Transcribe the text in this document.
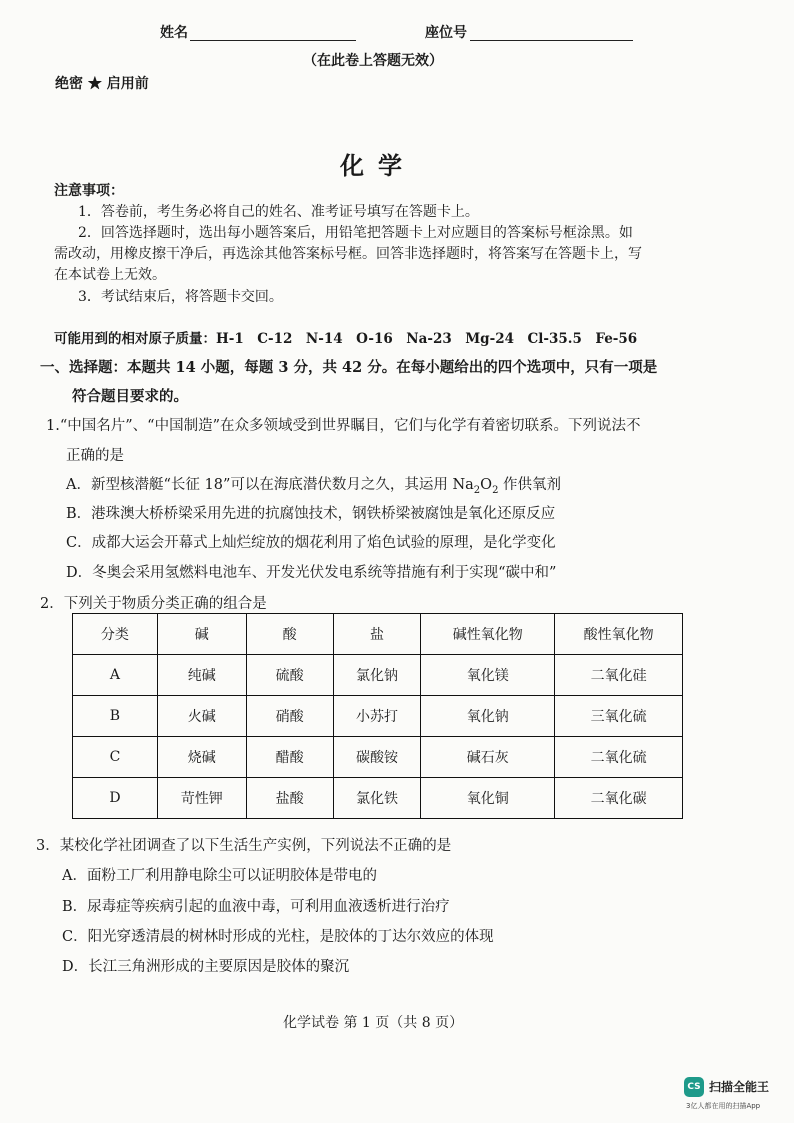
姓名	座位号
（在此卷上答题无效）
绝密 ★ 启用前
化学
注意事项：
1．答卷前，考生务必将自己的姓名、准考证号填写在答题卡上。
2．回答选择题时，选出每小题答案后，用铅笔把答题卡上对应题目的答案标号框涂黑。如
需改动，用橡皮擦干净后，再选涂其他答案标号框。回答非选择题时，将答案写在答题卡上，写
在本试卷上无效。
3．考试结束后，将答题卡交回。
可能用到的相对原子质量：H-1　C-12　N-14　O-16　Na-23　Mg-24　Cl-35.5　Fe-56
一、选择题：本题共 14 小题，每题 3 分，共 42 分。在每小题给出的四个选项中，只有一项是
符合题目要求的。
1.“中国名片”、“中国制造”在众多领域受到世界瞩目，它们与化学有着密切联系。下列说法不
正确的是
A．新型核潜艇“长征 18”可以在海底潜伏数月之久，其运用 $Na_2O_2$ 作供氧剂
B．港珠澳大桥桥梁采用先进的抗腐蚀技术，钢铁桥梁被腐蚀是氧化还原反应
C．成都大运会开幕式上灿烂绽放的烟花利用了焰色试验的原理，是化学变化
D．冬奥会采用氢燃料电池车、开发光伏发电系统等措施有利于实现“碳中和”
2．下列关于物质分类正确的组合是
分类	碱	酸	盐	碱性氧化物	酸性氧化物
A	纯碱	硫酸	氯化钠	氧化镁	二氧化硅
B	火碱	硝酸	小苏打	氧化钠	三氧化硫
C	烧碱	醋酸	碳酸铵	碱石灰	二氧化硫
D	苛性钾	盐酸	氯化铁	氧化铜	二氧化碳
3．某校化学社团调查了以下生活生产实例，下列说法不正确的是
A．面粉工厂利用静电除尘可以证明胶体是带电的
B．尿毒症等疾病引起的血液中毒，可利用血液透析进行治疗
C．阳光穿透清晨的树林时形成的光柱，是胶体的丁达尔效应的体现
D．长江三角洲形成的主要原因是胶体的聚沉
化学试卷 第 1 页（共 8 页）
CS 扫描全能王
3亿人都在用的扫描App
